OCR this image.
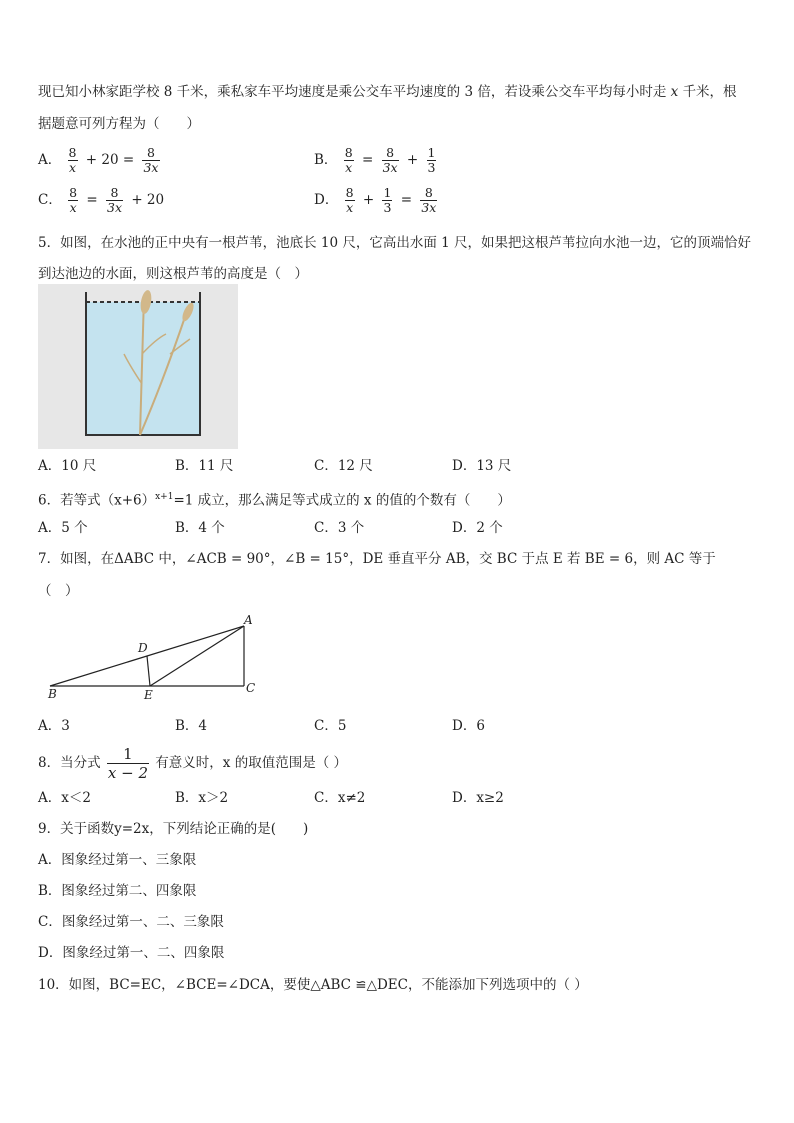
现已知小林家距学校 8 千米，乘私家车平均速度是乘公交车平均速度的 3 倍，若设乘公交车平均每小时走 x 千米，根
据题意可列方程为（　　）
A． $\frac{8}{x} + 20 = \frac{8}{3x}$	B． $\frac{8}{x} = \frac{8}{3x} + \frac{1}{3}$
C． $\frac{8}{x} = \frac{8}{3x} + 20$	D． $\frac{8}{x} + \frac{1}{3} = \frac{8}{3x}$
5．如图，在水池的正中央有一根芦苇，池底长 10 尺，它高出水面 1 尺，如果把这根芦苇拉向水池一边，它的顶端恰好到达池边的水面，则这根芦苇的高度是（　）
A．10 尺	B．11 尺	C．12 尺	D．13 尺
6．若等式$(x+6)^{x+1}=1$ 成立，那么满足等式成立的 x 的值的个数有（　　）
A．5 个	B．4 个	C．3 个	D．2 个
7．如图，在ΔABC 中，∠ACB = 90°，∠B = 15°，DE 垂直平分 AB，交 BC 于点 E 若 BE = 6，则 AC 等于
（　）
A
B	C
D
E
A．3	B．4	C．5	D．6
8．当分式 $\frac{1}{x - 2}$ 有意义时，x 的取值范围是（ ）
A．x＜2	B．x＞2	C．x≠2	D．x≥2
9．关于函数y=2x，下列结论正确的是(　　)
A．图象经过第一、三象限
B．图象经过第二、四象限
C．图象经过第一、二、三象限
D．图象经过第一、二、四象限
10．如图，BC=EC，∠BCE=∠DCA，要使△ABC ≌△DEC，不能添加下列选项中的（ ）
